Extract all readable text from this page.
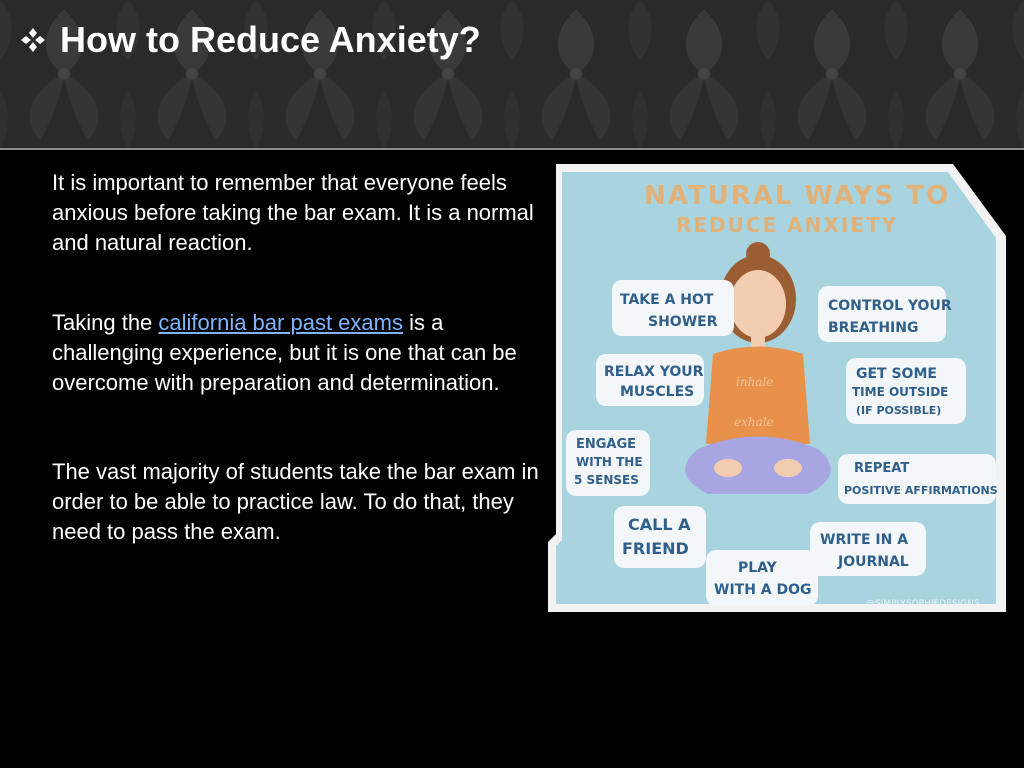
How to Reduce Anxiety?

✓ It is important to remember that everyone feels anxious before taking the bar exam. It is a normal and natural reaction.

✓ Taking the california bar past exams is a challenging experience, but it is one that can be overcome with preparation and determination.

✓ The vast majority of students take the bar exam in order to be able to practice law. To do that, they need to pass the exam.

NATURAL WAYS TO
REDUCE ANXIETY
inhale
exhale
TAKE A HOT
SHOWER
CONTROL YOUR
BREATHING
RELAX YOUR
MUSCLES
GET SOME
TIME OUTSIDE
(IF POSSIBLE)
ENGAGE
WITH THE
5 SENSES
REPEAT
POSITIVE AFFIRMATIONS
CALL A
FRIEND	WRITE IN A
JOURNAL
PLAY
WITH A DOG
@SIMPLYSOPHIEDESIGNS
